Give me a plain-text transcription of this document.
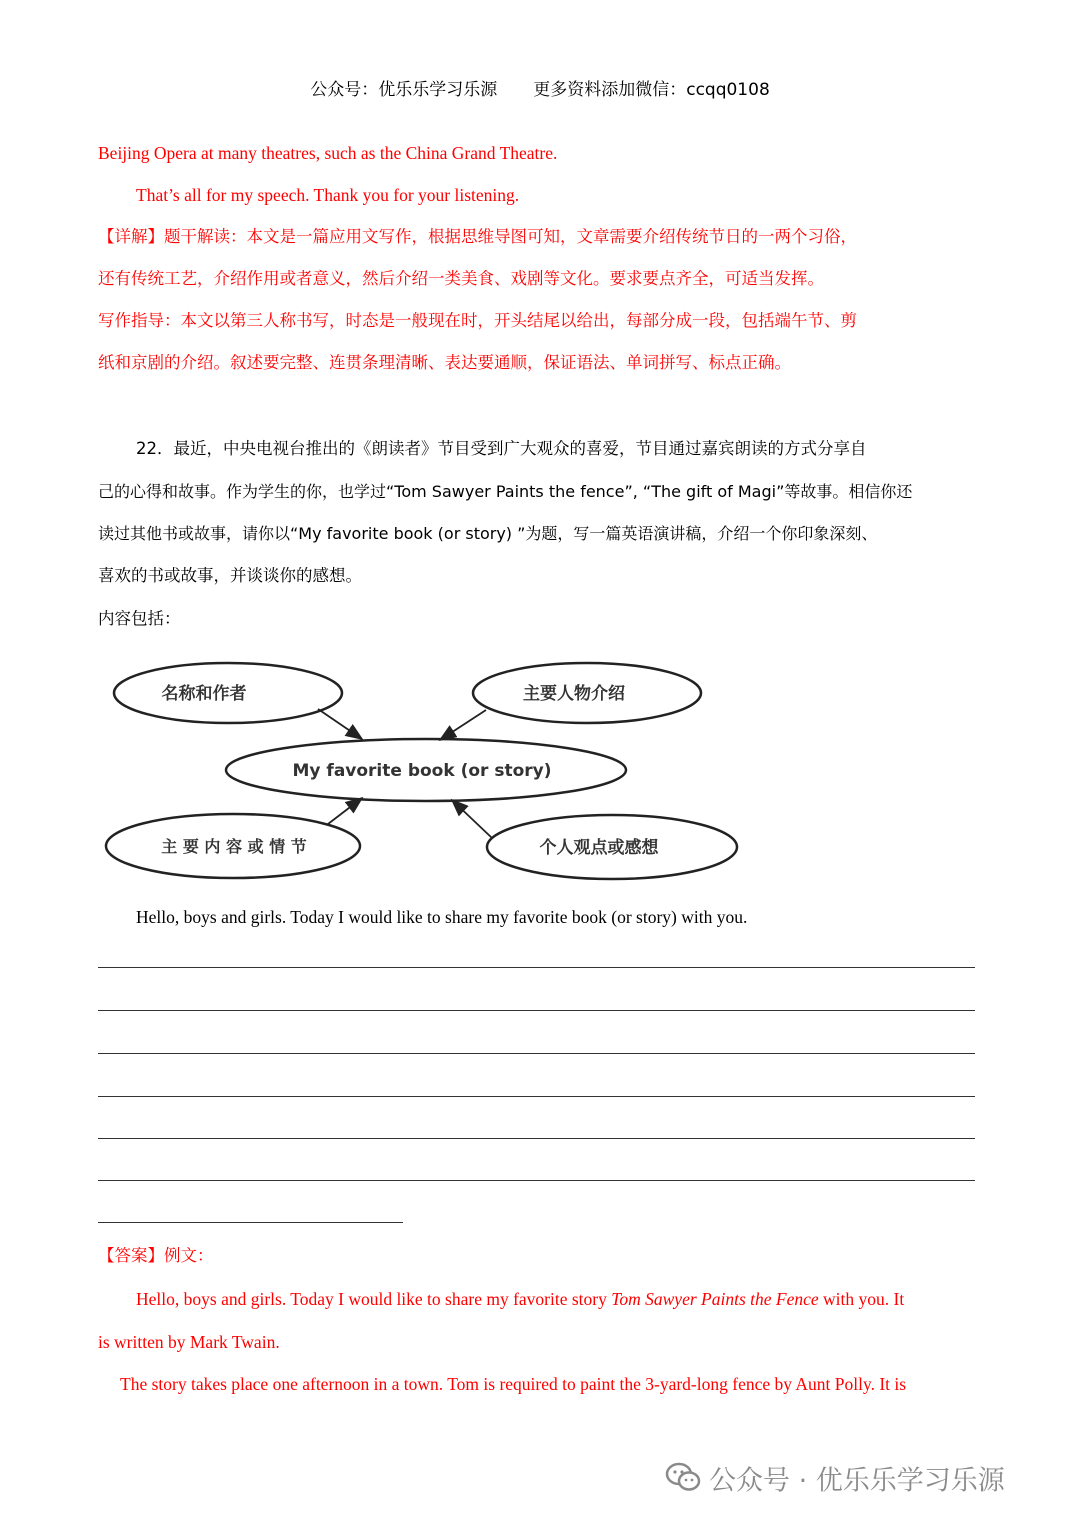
公众号：优乐乐学习乐源 更多资料添加微信：ccqq0108
Beijing Opera at many theatres, such as the China Grand Theatre.
That’s all for my speech. Thank you for your listening.
【详解】题干解读：本文是一篇应用文写作，根据思维导图可知，文章需要介绍传统节日的一两个习俗，
还有传统工艺，介绍作用或者意义，然后介绍一类美食、戏剧等文化。要求要点齐全，可适当发挥。
写作指导：本文以第三人称书写，时态是一般现在时，开头结尾以给出，每部分成一段，包括端午节、剪
纸和京剧的介绍。叙述要完整、连贯条理清晰、表达要通顺，保证语法、单词拼写、标点正确。
22．最近，中央电视台推出的《朗读者》节目受到广大观众的喜爱，节目通过嘉宾朗读的方式分享自
己的心得和故事。作为学生的你，也学过“Tom Sawyer Paints the fence”, “The gift of Magi”等故事。相信你还
读过其他书或故事，请你以“My favorite book (or story) ”为题，写一篇英语演讲稿，介绍一个你印象深刻、
喜欢的书或故事，并谈谈你的感想。
内容包括：
名称和作者	主要人物介绍
My favorite book (or story)
主 要 内 容 或 情 节	个人观点或感想
Hello, boys and girls. Today I would like to share my favorite book (or story) with you.
【答案】例文：
Hello, boys and girls. Today I would like to share my favorite story Tom Sawyer Paints the Fence with you. It
is written by Mark Twain.
The story takes place one afternoon in a town. Tom is required to paint the 3-yard-long fence by Aunt Polly. It is
公众号 · 优乐乐学习乐源
